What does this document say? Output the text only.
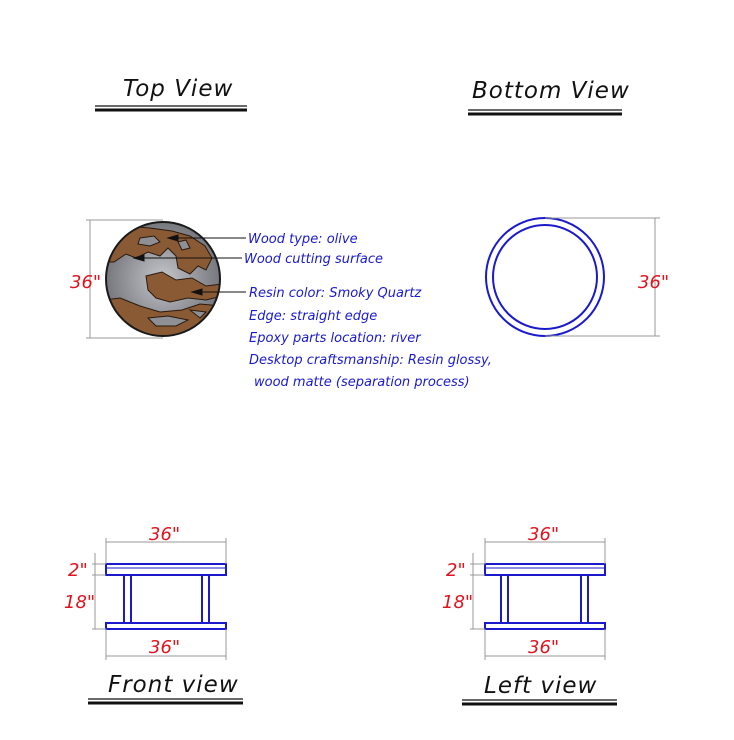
Top View	Bottom View
Front view	Left view
36"
Wood type: olive
Wood cutting surface
Resin color: Smoky Quartz
Edge: straight edge
Epoxy parts location: river
Desktop craftsmanship: Resin glossy,
wood matte (separation process)
36"
36"
36"
2"
18"
36"
36"
2"
18"
